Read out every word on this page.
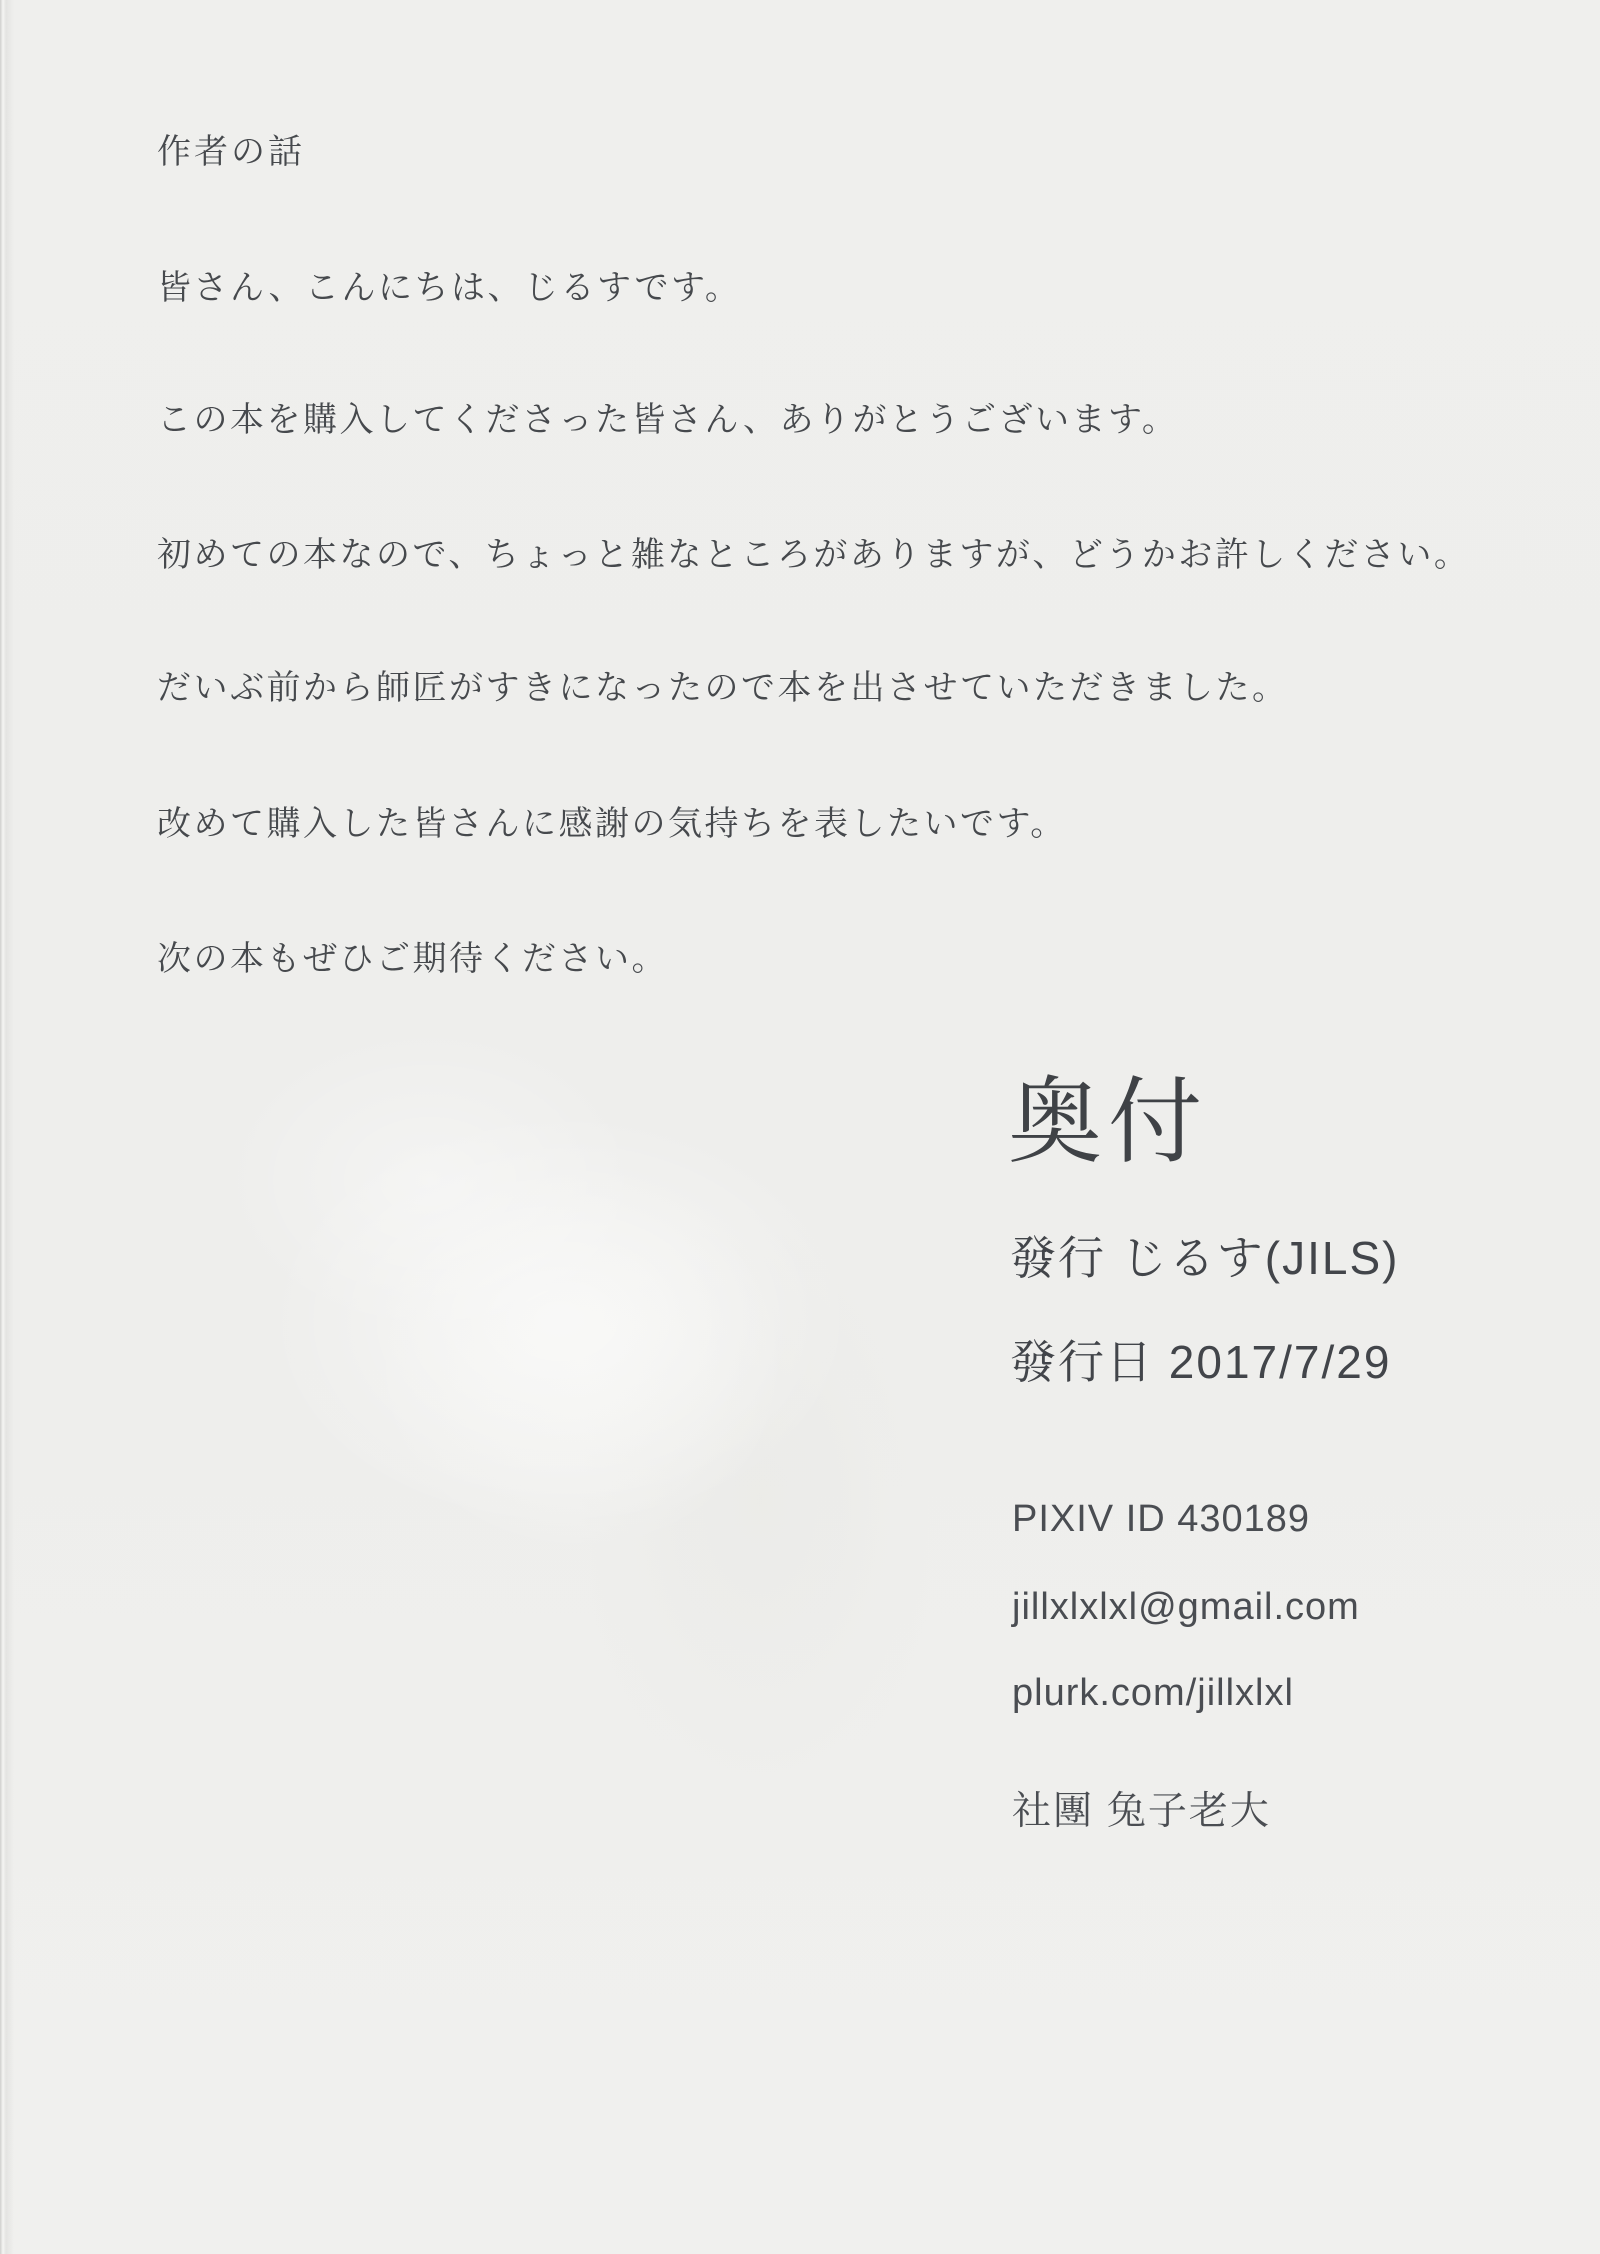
作者の話
皆さん、こんにちは、じるすです。
この本を購入してくださった皆さん、ありがとうございます。
初めての本なので、ちょっと雑なところがありますが、どうかお許しください。
だいぶ前から師匠がすきになったので本を出させていただきました。
改めて購入した皆さんに感謝の気持ちを表したいです。
次の本もぜひご期待ください。
奥付
發行 じるす(JILS)
發行日 2017/7/29
PIXIV ID 430189
jillxlxlxl@gmail.com
plurk.com/jillxlxl
社團 兔子老大
